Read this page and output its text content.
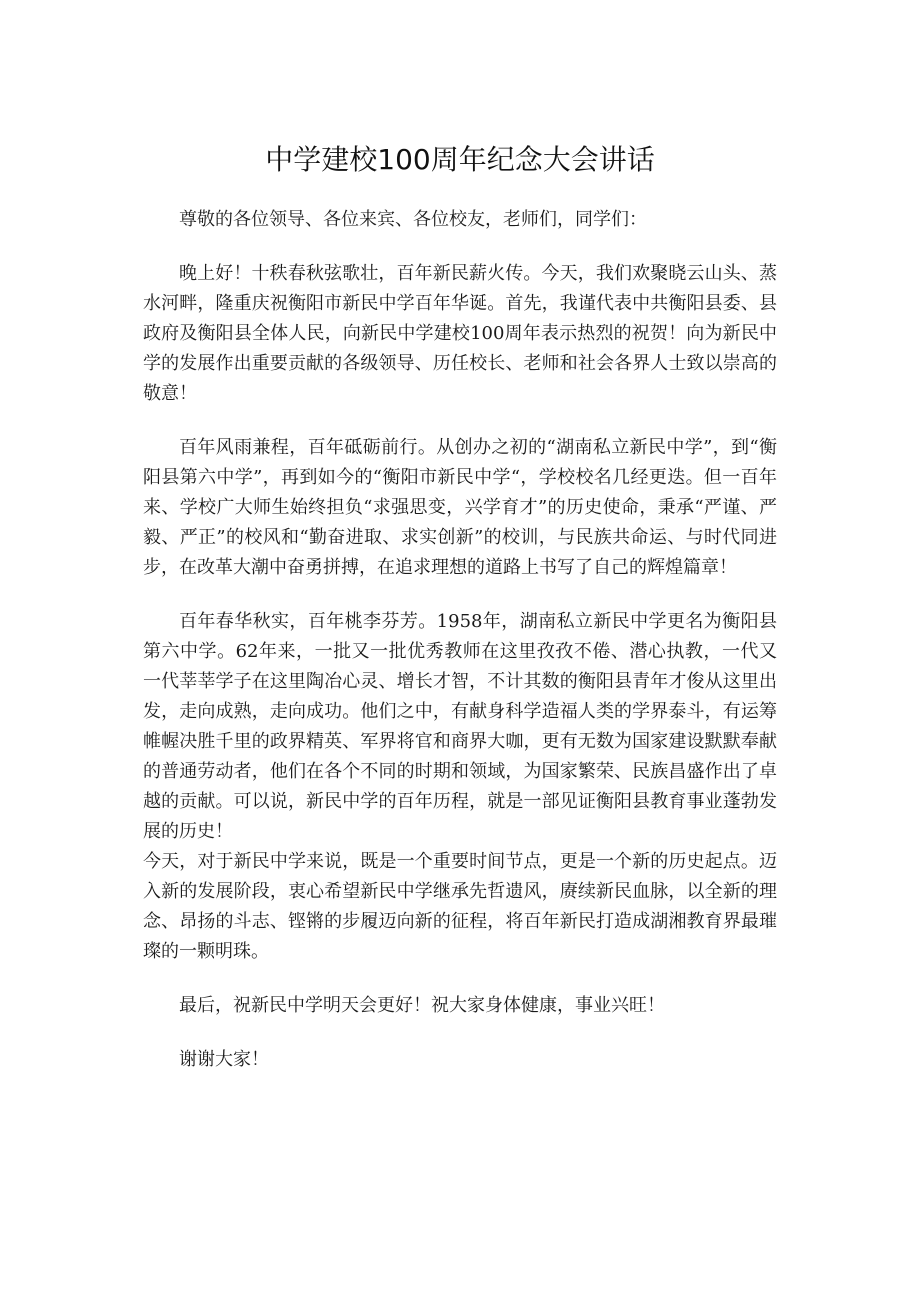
中学建校100周年纪念大会讲话

尊敬的各位领导、各位来宾、各位校友，老师们，同学们：

晚上好！十秩春秋弦歌壮，百年新民薪火传。今天，我们欢聚晓云山头、蒸水河畔，隆重庆祝衡阳市新民中学百年华诞。首先，我谨代表中共衡阳县委、县政府及衡阳县全体人民，向新民中学建校100周年表示热烈的祝贺！向为新民中学的发展作出重要贡献的各级领导、历任校长、老师和社会各界人士致以崇高的敬意！

百年风雨兼程，百年砥砺前行。从创办之初的“湖南私立新民中学”，到“衡阳县第六中学”，再到如今的“衡阳市新民中学“，学校校名几经更迭。但一百年来、学校广大师生始终担负“求强思变，兴学育才”的历史使命，秉承“严谨、严毅、严正”的校风和“勤奋进取、求实创新”的校训，与民族共命运、与时代同进步，在改革大潮中奋勇拼搏，在追求理想的道路上书写了自己的辉煌篇章！

百年春华秋实，百年桃李芬芳。1958年，湖南私立新民中学更名为衡阳县第六中学。62年来，一批又一批优秀教师在这里孜孜不倦、潜心执教，一代又一代莘莘学子在这里陶冶心灵、增长才智，不计其数的衡阳县青年才俊从这里出发，走向成熟，走向成功。他们之中，有献身科学造福人类的学界泰斗，有运筹帷幄决胜千里的政界精英、军界将官和商界大咖，更有无数为国家建设默默奉献的普通劳动者，他们在各个不同的时期和领域，为国家繁荣、民族昌盛作出了卓越的贡献。可以说，新民中学的百年历程，就是一部见证衡阳县教育事业蓬勃发展的历史！

今天，对于新民中学来说，既是一个重要时间节点，更是一个新的历史起点。迈入新的发展阶段，衷心希望新民中学继承先哲遗风，赓续新民血脉，以全新的理念、昂扬的斗志、铿锵的步履迈向新的征程，将百年新民打造成湖湘教育界最璀璨的一颗明珠。

最后，祝新民中学明天会更好！祝大家身体健康，事业兴旺！

谢谢大家！
